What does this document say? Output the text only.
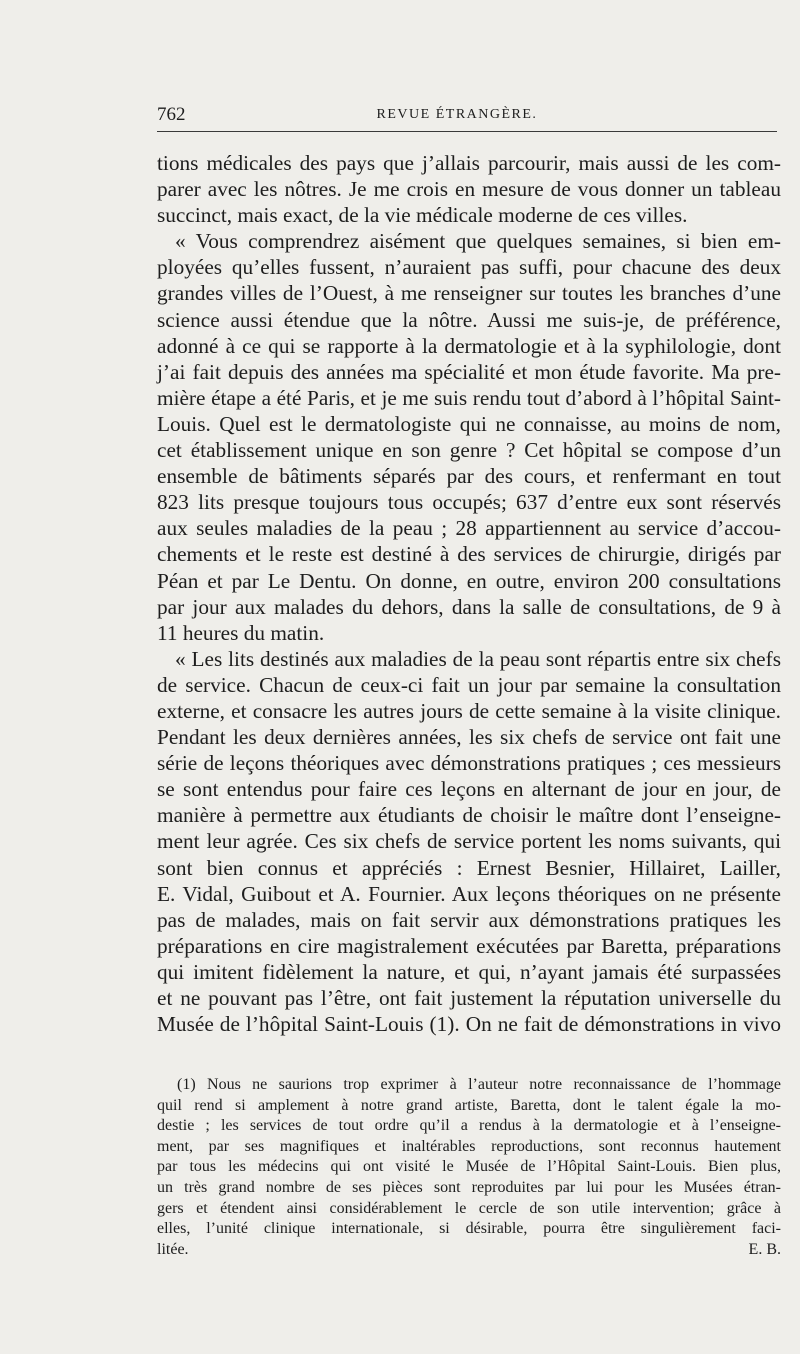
762	REVUE ÉTRANGÈRE.

tions médicales des pays que j’allais parcourir, mais aussi de les com-

parer avec les nôtres. Je me crois en mesure de vous donner un tableau

succinct, mais exact, de la vie médicale moderne de ces villes.

« Vous comprendrez aisément que quelques semaines, si bien em-

ployées qu’elles fussent, n’auraient pas suffi, pour chacune des deux

grandes villes de l’Ouest, à me renseigner sur toutes les branches d’une

science aussi étendue que la nôtre. Aussi me suis-je, de préférence,

adonné à ce qui se rapporte à la dermatologie et à la syphilologie, dont

j’ai fait depuis des années ma spécialité et mon étude favorite. Ma pre-

mière étape a été Paris, et je me suis rendu tout d’abord à l’hôpital Saint-

Louis. Quel est le dermatologiste qui ne connaisse, au moins de nom,

cet établissement unique en son genre ? Cet hôpital se compose d’un

ensemble de bâtiments séparés par des cours, et renfermant en tout

823 lits presque toujours tous occupés; 637 d’entre eux sont réservés

aux seules maladies de la peau ; 28 appartiennent au service d’accou-

chements et le reste est destiné à des services de chirurgie, dirigés par

Péan et par Le Dentu. On donne, en outre, environ 200 consultations

par jour aux malades du dehors, dans la salle de consultations, de 9 à

11 heures du matin.

« Les lits destinés aux maladies de la peau sont répartis entre six chefs

de service. Chacun de ceux-ci fait un jour par semaine la consultation

externe, et consacre les autres jours de cette semaine à la visite clinique.

Pendant les deux dernières années, les six chefs de service ont fait une

série de leçons théoriques avec démonstrations pratiques ; ces messieurs

se sont entendus pour faire ces leçons en alternant de jour en jour, de

manière à permettre aux étudiants de choisir le maître dont l’enseigne-

ment leur agrée. Ces six chefs de service portent les noms suivants, qui

sont bien connus et appréciés : Ernest Besnier, Hillairet, Lailler,

E. Vidal, Guibout et A. Fournier. Aux leçons théoriques on ne présente

pas de malades, mais on fait servir aux démonstrations pratiques les

préparations en cire magistralement exécutées par Baretta, préparations

qui imitent fidèlement la nature, et qui, n’ayant jamais été surpassées

et ne pouvant pas l’être, ont fait justement la réputation universelle du

Musée de l’hôpital Saint-Louis (1). On ne fait de démonstrations in vivo

(1) Nous ne saurions trop exprimer à l’auteur notre reconnaissance de l’hommage

quil rend si amplement à notre grand artiste, Baretta, dont le talent égale la mo-

destie ; les services de tout ordre qu’il a rendus à la dermatologie et à l’enseigne-

ment, par ses magnifiques et inaltérables reproductions, sont reconnus hautement

par tous les médecins qui ont visité le Musée de l’Hôpital Saint-Louis. Bien plus,

un très grand nombre de ses pièces sont reproduites par lui pour les Musées étran-

gers et étendent ainsi considérablement le cercle de son utile intervention; grâce à

elles, l’unité clinique internationale, si désirable, pourra être singulièrement faci-

litée.	E. B.
